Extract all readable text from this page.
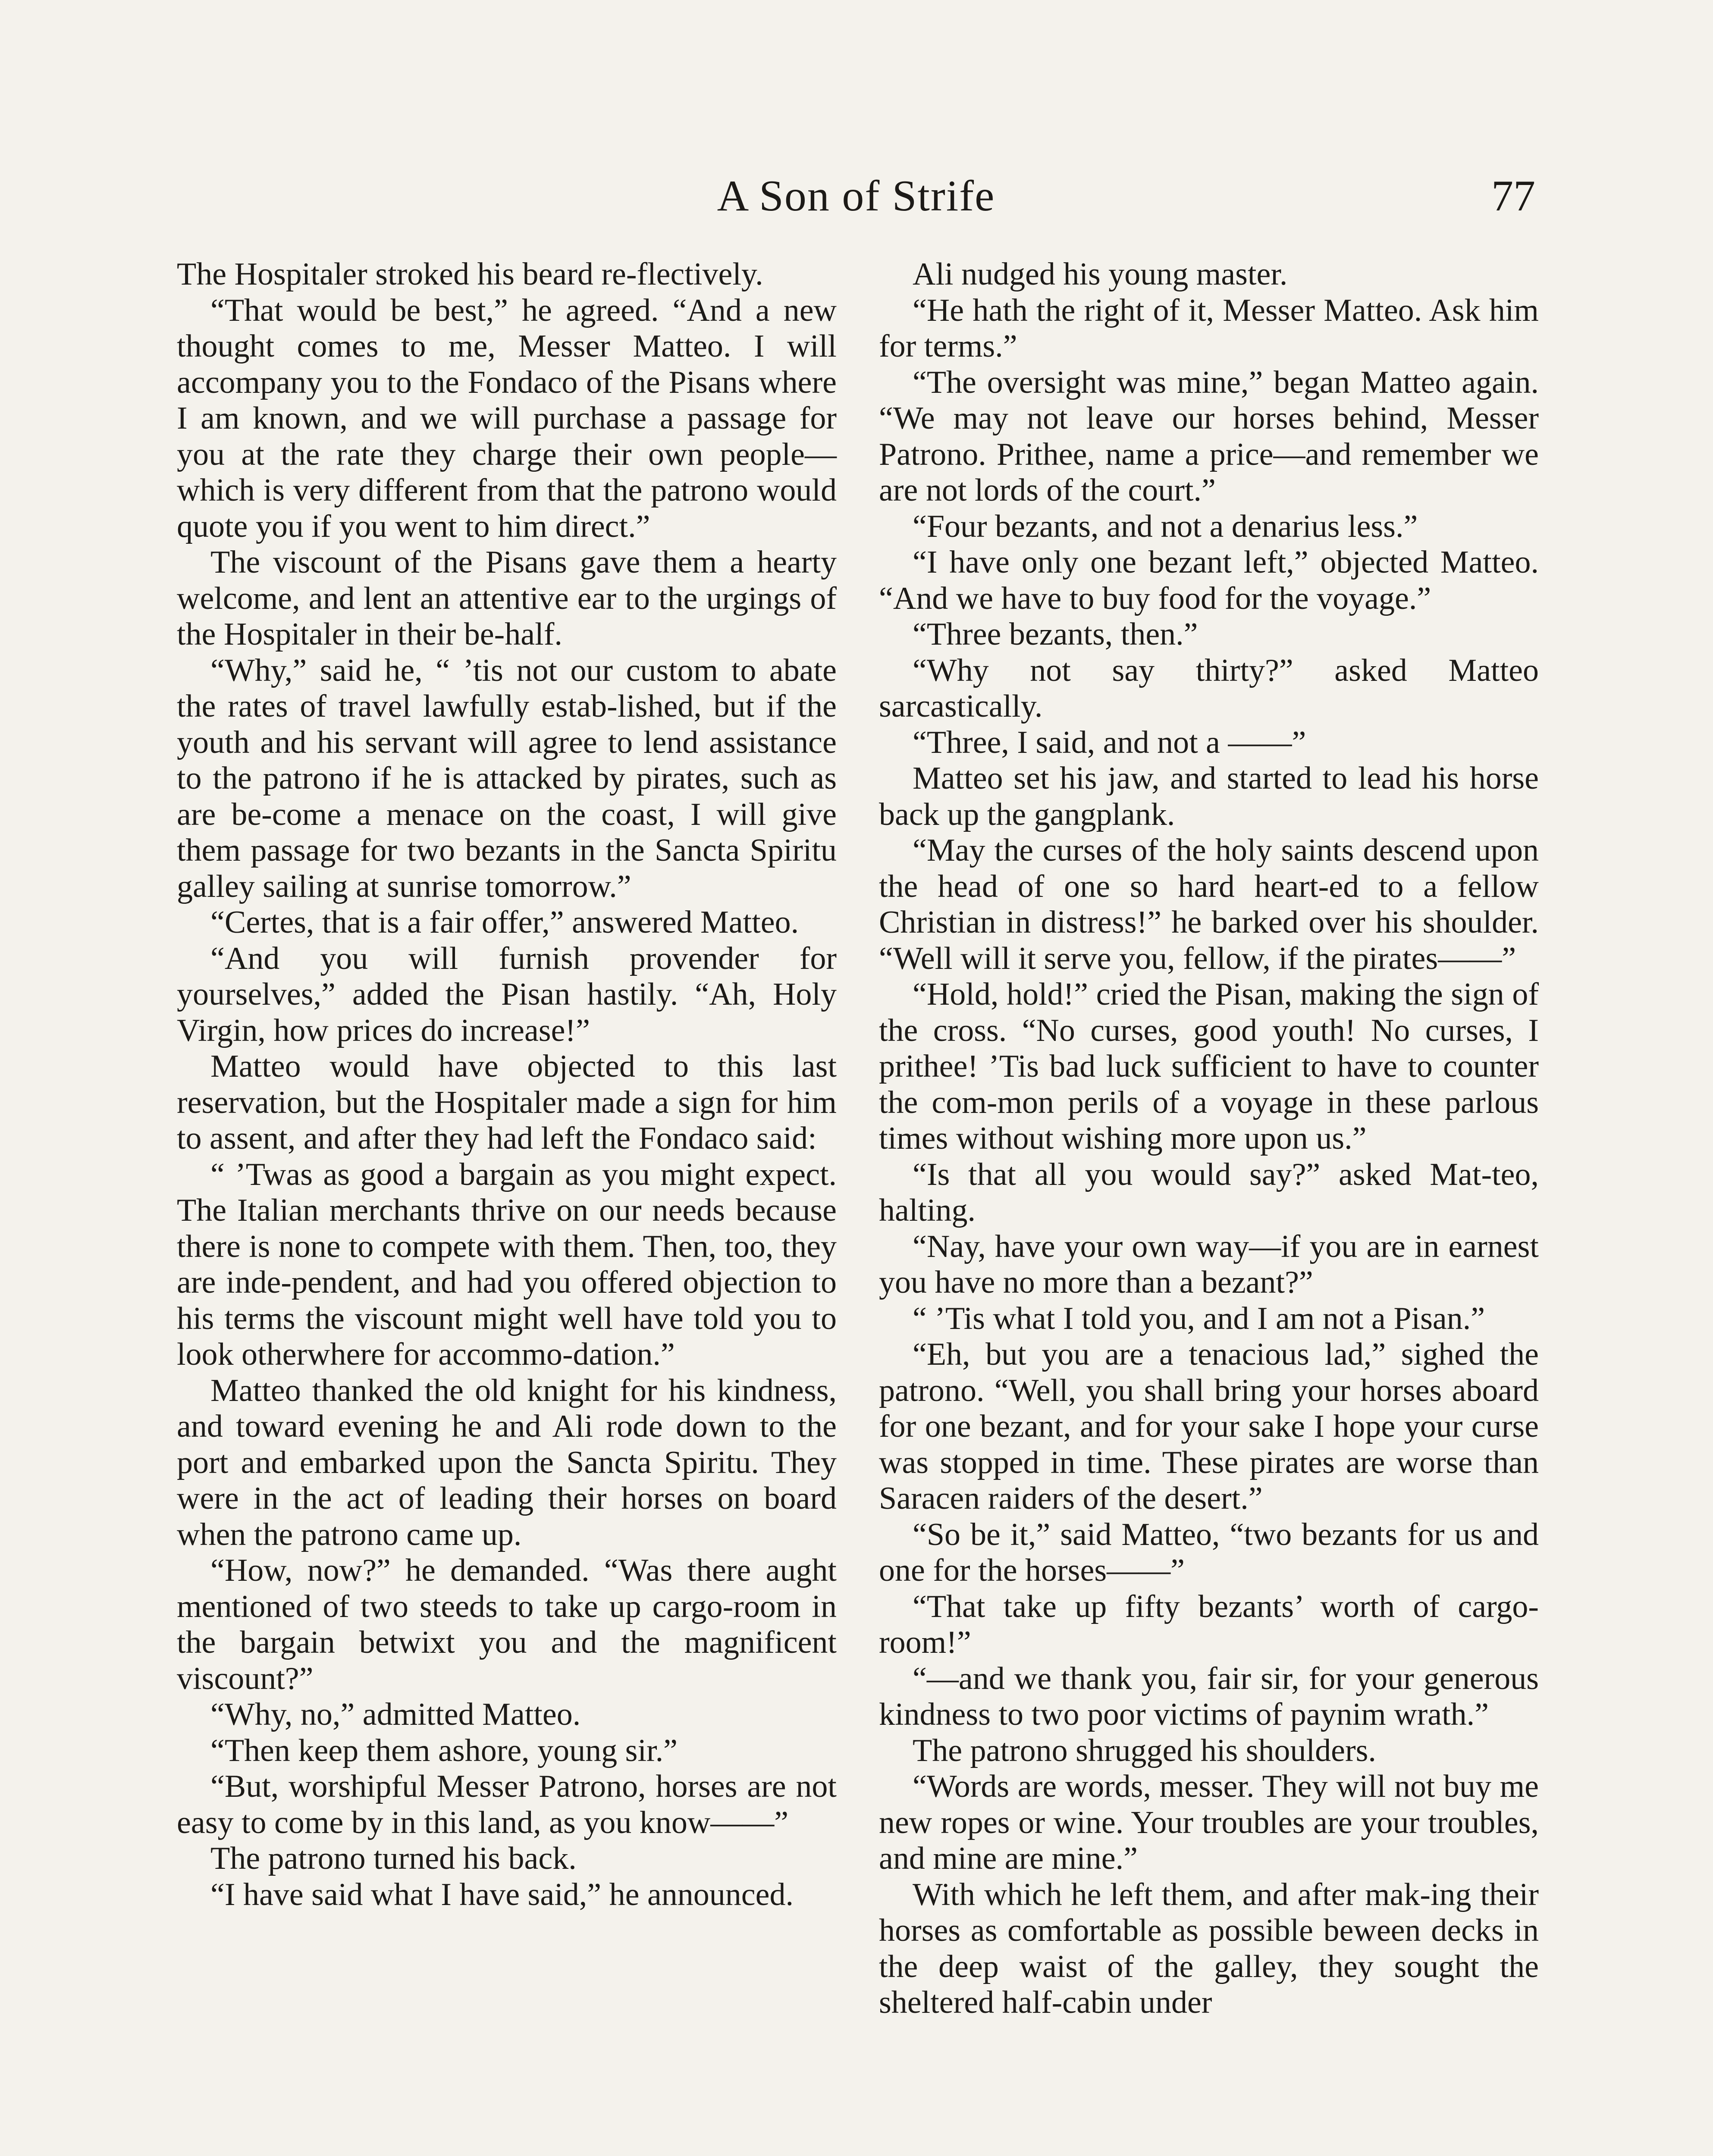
A Son of Strife	77

The Hospitaler stroked his beard re-flectively.

“That would be best,” he agreed. “And a new thought comes to me, Messer Matteo. I will accompany you to the Fondaco of the Pisans where I am known, and we will purchase a passage for you at the rate they charge their own people—which is very different from that the patrono would quote you if you went to him direct.”

The viscount of the Pisans gave them a hearty welcome, and lent an attentive ear to the urgings of the Hospitaler in their be-half.

“Why,” said he, “ ’tis not our custom to abate the rates of travel lawfully estab-lished, but if the youth and his servant will agree to lend assistance to the patrono if he is attacked by pirates, such as are be-come a menace on the coast, I will give them passage for two bezants in the Sancta Spiritu galley sailing at sunrise tomorrow.”

“Certes, that is a fair offer,” answered Matteo.

“And you will furnish provender for yourselves,” added the Pisan hastily. “Ah, Holy Virgin, how prices do increase!”

Matteo would have objected to this last reservation, but the Hospitaler made a sign for him to assent, and after they had left the Fondaco said:

“ ’Twas as good a bargain as you might expect. The Italian merchants thrive on our needs because there is none to compete with them. Then, too, they are inde-pendent, and had you offered objection to his terms the viscount might well have told you to look otherwhere for accommo-dation.”

Matteo thanked the old knight for his kindness, and toward evening he and Ali rode down to the port and embarked upon the Sancta Spiritu. They were in the act of leading their horses on board when the patrono came up.

“How, now?” he demanded. “Was there aught mentioned of two steeds to take up cargo-room in the bargain betwixt you and the magnificent viscount?”

“Why, no,” admitted Matteo.

“Then keep them ashore, young sir.”

“But, worshipful Messer Patrono, horses are not easy to come by in this land, as you know——”

The patrono turned his back.

“I have said what I have said,” he announced.

Ali nudged his young master.

“He hath the right of it, Messer Matteo. Ask him for terms.”

“The oversight was mine,” began Matteo again. “We may not leave our horses behind, Messer Patrono. Prithee, name a price—and remember we are not lords of the court.”

“Four bezants, and not a denarius less.”

“I have only one bezant left,” objected Matteo. “And we have to buy food for the voyage.”

“Three bezants, then.”

“Why not say thirty?” asked Matteo sarcastically.

“Three, I said, and not a ——”

Matteo set his jaw, and started to lead his horse back up the gangplank.

“May the curses of the holy saints descend upon the head of one so hard heart-ed to a fellow Christian in distress!” he barked over his shoulder. “Well will it serve you, fellow, if the pirates——”

“Hold, hold!” cried the Pisan, making the sign of the cross. “No curses, good youth! No curses, I prithee! ’Tis bad luck sufficient to have to counter the com-mon perils of a voyage in these parlous times without wishing more upon us.”

“Is that all you would say?” asked Mat-teo, halting.

“Nay, have your own way—if you are in earnest you have no more than a bezant?”

“ ’Tis what I told you, and I am not a Pisan.”

“Eh, but you are a tenacious lad,” sighed the patrono. “Well, you shall bring your horses aboard for one bezant, and for your sake I hope your curse was stopped in time. These pirates are worse than Saracen raiders of the desert.”

“So be it,” said Matteo, “two bezants for us and one for the horses——”

“That take up fifty bezants’ worth of cargo-room!”

“—and we thank you, fair sir, for your generous kindness to two poor victims of paynim wrath.”

The patrono shrugged his shoulders.

“Words are words, messer. They will not buy me new ropes or wine. Your troubles are your troubles, and mine are mine.”

With which he left them, and after mak-ing their horses as comfortable as possible beween decks in the deep waist of the galley, they sought the sheltered half-cabin under
